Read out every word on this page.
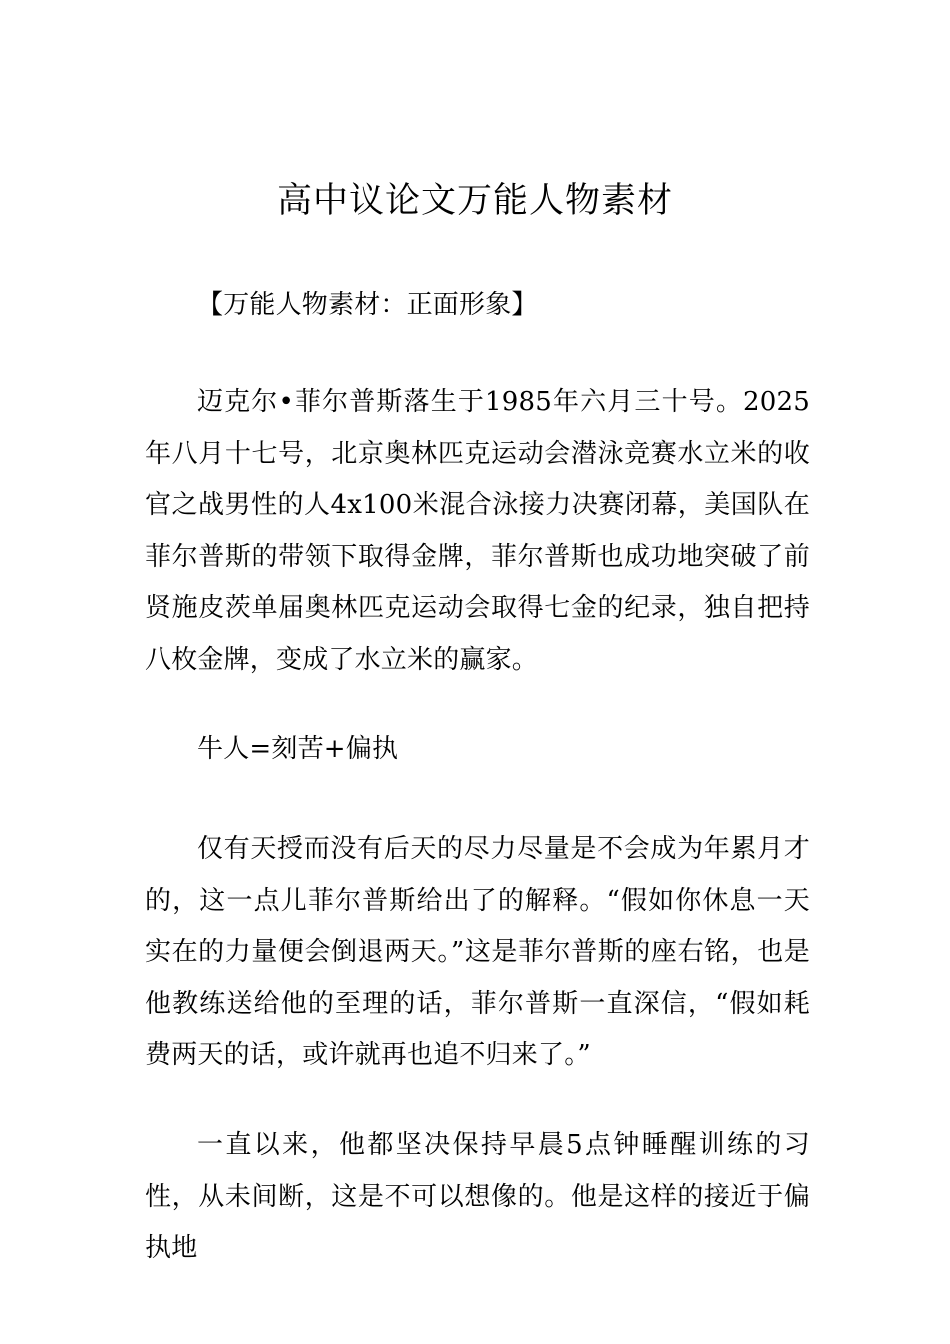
高中议论文万能人物素材

【万能人物素材：正面形象】

迈克尔•菲尔普斯落生于1985年六月三十号。2025年八月十七号，北京奥林匹克运动会潜泳竞赛水立米的收官之战男性的人4x100米混合泳接力决赛闭幕，美国队在菲尔普斯的带领下取得金牌，菲尔普斯也成功地突破了前贤施皮茨单届奥林匹克运动会取得七金的纪录，独自把持八枚金牌，变成了水立米的赢家。

牛人=刻苦+偏执

仅有天授而没有后天的尽力尽量是不会成为年累月才的，这一点儿菲尔普斯给出了的解释。“假如你休息一天实在的力量便会倒退两天。”这是菲尔普斯的座右铭，也是他教练送给他的至理的话，菲尔普斯一直深信，“假如耗费两天的话，或许就再也追不归来了。”

一直以来，他都坚决保持早晨5点钟睡醒训练的习性，从未间断，这是不可以想像的。他是这样的接近于偏执地
